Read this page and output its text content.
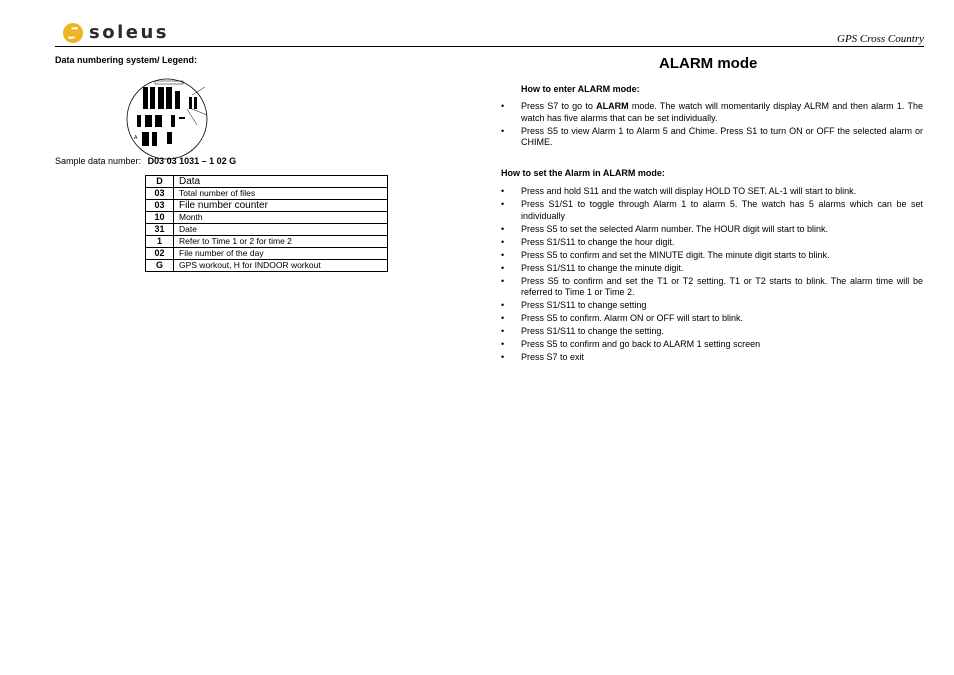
soleus	GPS Cross Country
Data numbering system/ Legend:
A
Sample data number: D03 03 1031 – 1 02 G
D	Data
03	Total number of files
03	File number counter
10	Month
31	Date
1	Refer to Time 1 or 2 for time 2
02	File number of the day
G	GPS workout, H for INDOOR workout
ALARM mode
How to enter ALARM mode:
• Press S7 to go to ALARM mode. The watch will momentarily display ALRM and then alarm 1. The watch has five alarms that can be set individually.
• Press S5 to view Alarm 1 to Alarm 5 and Chime. Press S1 to turn ON or OFF the selected alarm or CHIME.
How to set the Alarm in ALARM mode:
• Press and hold S11 and the watch will display HOLD TO SET. AL-1 will start to blink.
• Press S1/S1 to toggle through Alarm 1 to alarm 5. The watch has 5 alarms which can be set individually
• Press S5 to set the selected Alarm number. The HOUR digit will start to blink.
• Press S1/S11 to change the hour digit.
• Press S5 to confirm and set the MINUTE digit. The minute digit starts to blink.
• Press S1/S11 to change the minute digit.
• Press S5 to confirm and set the T1 or T2 setting. T1 or T2 starts to blink. The alarm time will be referred to Time 1 or Time 2.
• Press S1/S11 to change setting
• Press S5 to confirm. Alarm ON or OFF will start to blink.
• Press S1/S11 to change the setting.
• Press S5 to confirm and go back to ALARM 1 setting screen
• Press S7 to exit
